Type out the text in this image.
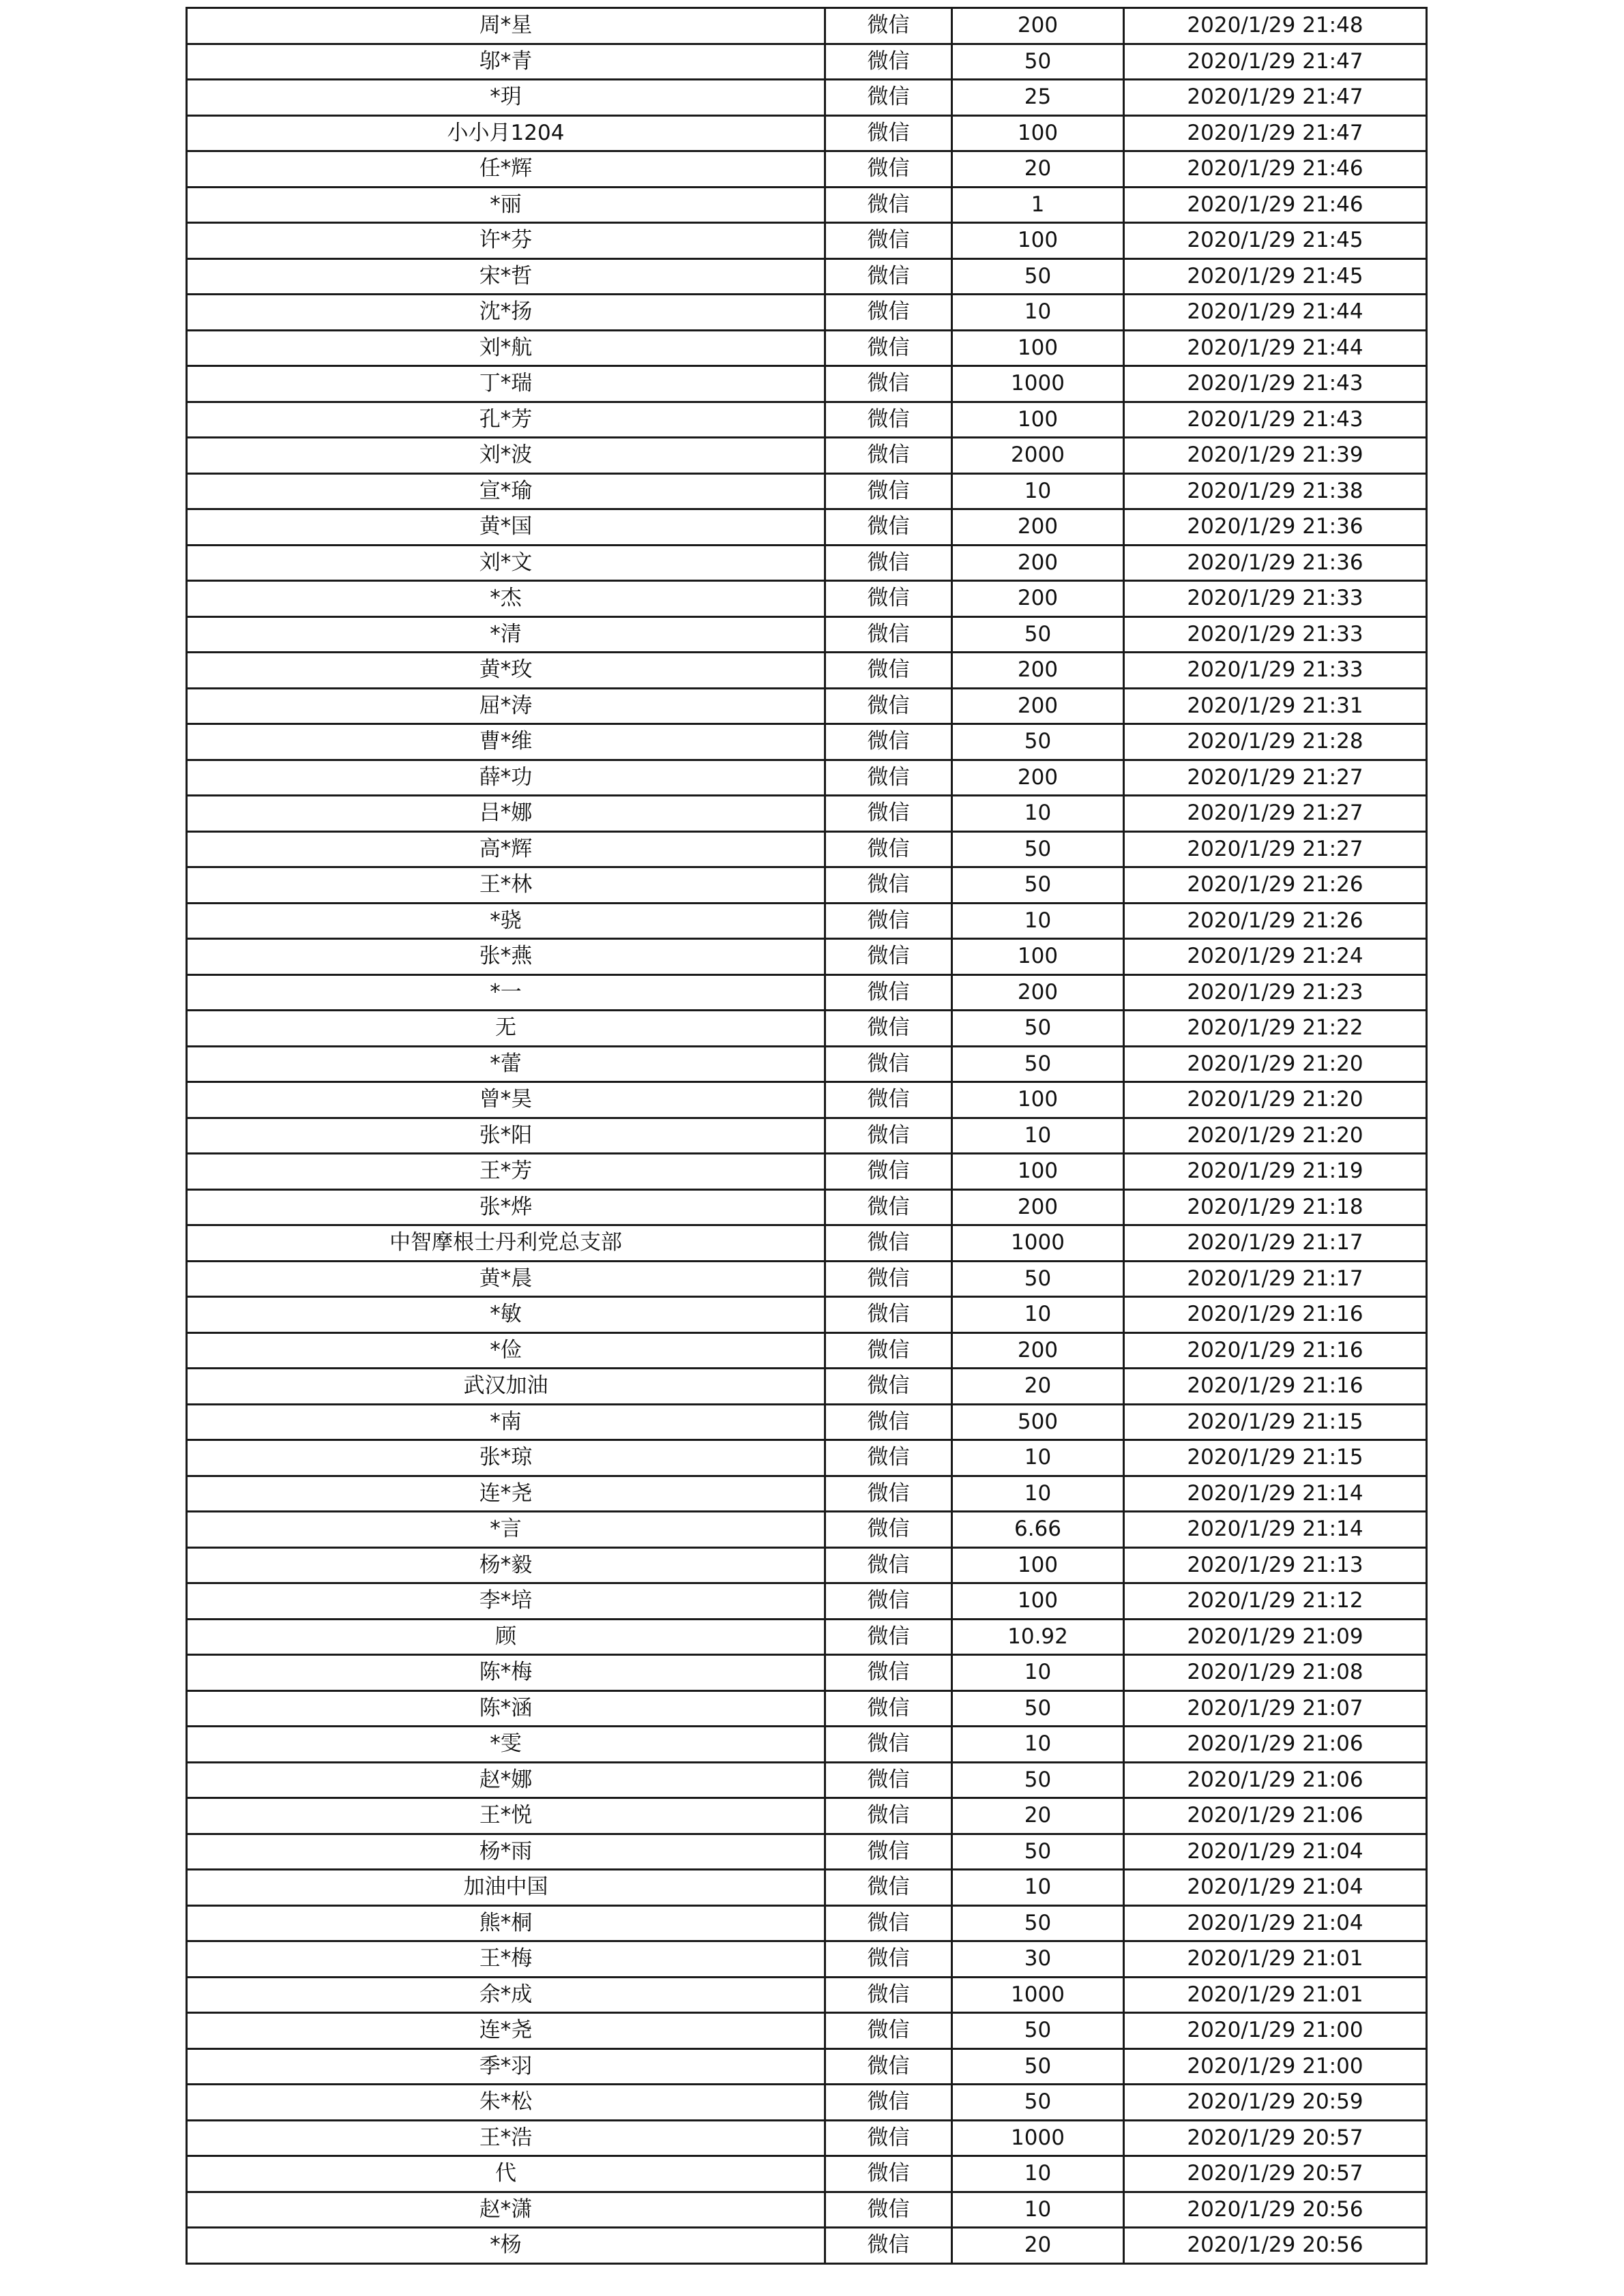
周*星	微信	200	2020/1/29 21:48
邬*青	微信	50	2020/1/29 21:47
*玥	微信	25	2020/1/29 21:47
小小月1204	微信	100	2020/1/29 21:47
任*辉	微信	20	2020/1/29 21:46
*丽	微信	1	2020/1/29 21:46
许*芬	微信	100	2020/1/29 21:45
宋*哲	微信	50	2020/1/29 21:45
沈*扬	微信	10	2020/1/29 21:44
刘*航	微信	100	2020/1/29 21:44
丁*瑞	微信	1000	2020/1/29 21:43
孔*芳	微信	100	2020/1/29 21:43
刘*波	微信	2000	2020/1/29 21:39
宣*瑜	微信	10	2020/1/29 21:38
黄*国	微信	200	2020/1/29 21:36
刘*文	微信	200	2020/1/29 21:36
*杰	微信	200	2020/1/29 21:33
*清	微信	50	2020/1/29 21:33
黄*玫	微信	200	2020/1/29 21:33
屈*涛	微信	200	2020/1/29 21:31
曹*维	微信	50	2020/1/29 21:28
薛*功	微信	200	2020/1/29 21:27
吕*娜	微信	10	2020/1/29 21:27
高*辉	微信	50	2020/1/29 21:27
王*林	微信	50	2020/1/29 21:26
*骁	微信	10	2020/1/29 21:26
张*燕	微信	100	2020/1/29 21:24
*一	微信	200	2020/1/29 21:23
无	微信	50	2020/1/29 21:22
*蕾	微信	50	2020/1/29 21:20
曾*昊	微信	100	2020/1/29 21:20
张*阳	微信	10	2020/1/29 21:20
王*芳	微信	100	2020/1/29 21:19
张*烨	微信	200	2020/1/29 21:18
中智摩根士丹利党总支部	微信	1000	2020/1/29 21:17
黄*晨	微信	50	2020/1/29 21:17
*敏	微信	10	2020/1/29 21:16
*俭	微信	200	2020/1/29 21:16
武汉加油	微信	20	2020/1/29 21:16
*南	微信	500	2020/1/29 21:15
张*琼	微信	10	2020/1/29 21:15
连*尧	微信	10	2020/1/29 21:14
*言	微信	6.66	2020/1/29 21:14
杨*毅	微信	100	2020/1/29 21:13
李*培	微信	100	2020/1/29 21:12
顾	微信	10.92	2020/1/29 21:09
陈*梅	微信	10	2020/1/29 21:08
陈*涵	微信	50	2020/1/29 21:07
*雯	微信	10	2020/1/29 21:06
赵*娜	微信	50	2020/1/29 21:06
王*悦	微信	20	2020/1/29 21:06
杨*雨	微信	50	2020/1/29 21:04
加油中国	微信	10	2020/1/29 21:04
熊*桐	微信	50	2020/1/29 21:04
王*梅	微信	30	2020/1/29 21:01
余*成	微信	1000	2020/1/29 21:01
连*尧	微信	50	2020/1/29 21:00
季*羽	微信	50	2020/1/29 21:00
朱*松	微信	50	2020/1/29 20:59
王*浩	微信	1000	2020/1/29 20:57
代	微信	10	2020/1/29 20:57
赵*潇	微信	10	2020/1/29 20:56
*杨	微信	20	2020/1/29 20:56
